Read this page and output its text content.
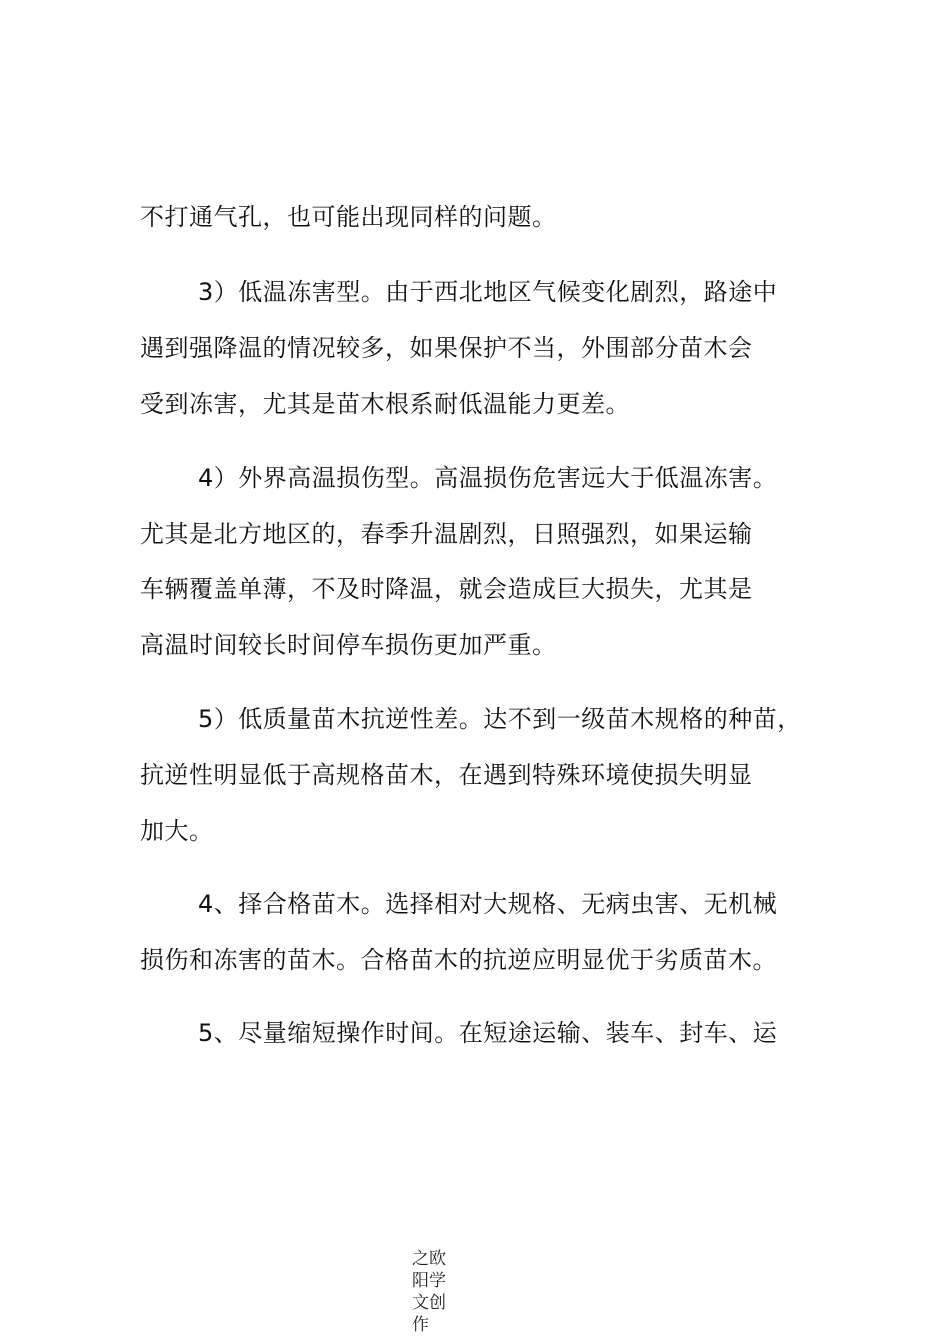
不打通气孔，也可能出现同样的问题。
3）低温冻害型。由于西北地区气候变化剧烈，路途中
遇到强降温的情况较多，如果保护不当，外围部分苗木会
受到冻害，尤其是苗木根系耐低温能力更差。
4）外界高温损伤型。高温损伤危害远大于低温冻害。
尤其是北方地区的，春季升温剧烈，日照强烈，如果运输
车辆覆盖单薄，不及时降温，就会造成巨大损失，尤其是
高温时间较长时间停车损伤更加严重。
5）低质量苗木抗逆性差。达不到一级苗木规格的种苗，
抗逆性明显低于高规格苗木，在遇到特殊环境使损失明显
加大。
4、择合格苗木。选择相对大规格、无病虫害、无机械
损伤和冻害的苗木。合格苗木的抗逆应明显优于劣质苗木。
5、尽量缩短操作时间。在短途运输、装车、封车、运
之欧阳学文创作
